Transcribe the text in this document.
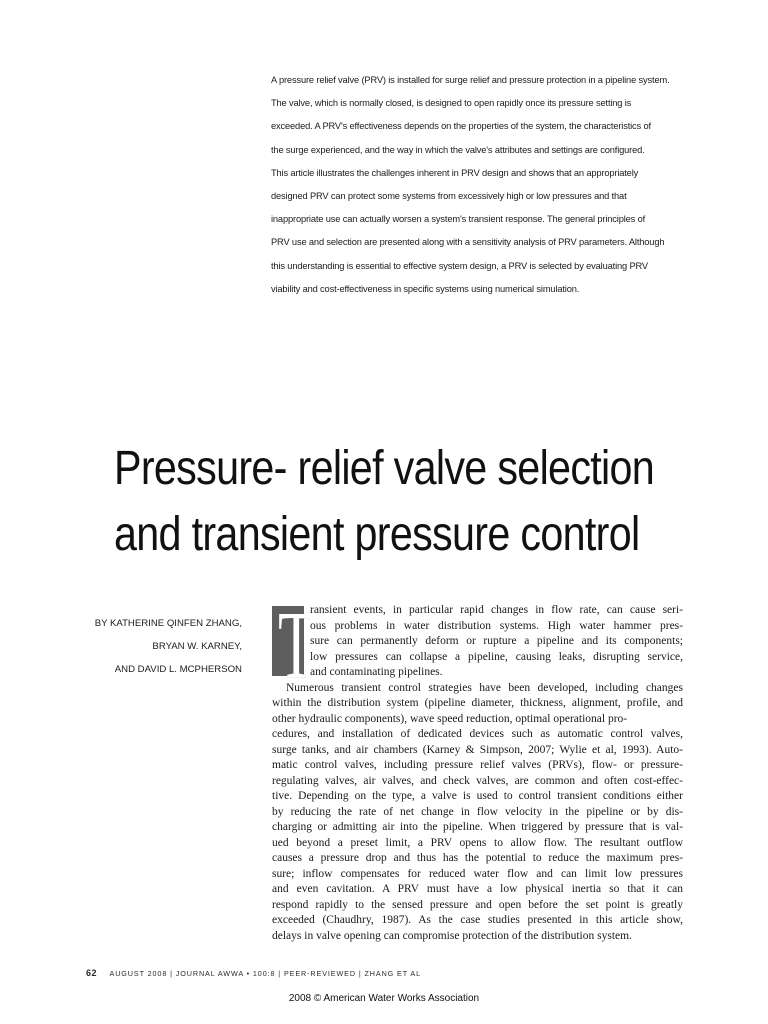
A pressure relief valve (PRV) is installed for surge relief and pressure protection in a pipeline system.
The valve, which is normally closed, is designed to open rapidly once its pressure setting is
exceeded. A PRV's effectiveness depends on the properties of the system, the characteristics of
the surge experienced, and the way in which the valve's attributes and settings are configured.
This article illustrates the challenges inherent in PRV design and shows that an appropriately
designed PRV can protect some systems from excessively high or low pressures and that
inappropriate use can actually worsen a system's transient response. The general principles of
PRV use and selection are presented along with a sensitivity analysis of PRV parameters. Although
this understanding is essential to effective system design, a PRV is selected by evaluating PRV
viability and cost-effectiveness in specific systems using numerical simulation.
Pressure- relief valve selection
and transient pressure control
BY KATHERINE QINFEN ZHANG,
BRYAN W. KARNEY,
AND DAVID L. MCPHERSON T
ransient events, in particular rapid changes in flow rate, can cause seri-
ous problems in water distribution systems. High water hammer pres-
sure can permanently deform or rupture a pipeline and its components;
low pressures can collapse a pipeline, causing leaks, disrupting service,
and contaminating pipelines.
Numerous transient control strategies have been developed, including changes
within the distribution system (pipeline diameter, thickness, alignment, profile, and
other hydraulic components), wave speed reduction, optimal operational pro-
cedures, and installation of dedicated devices such as automatic control valves,
surge tanks, and air chambers (Karney & Simpson, 2007; Wylie et al, 1993). Auto-
matic control valves, including pressure relief valves (PRVs), flow- or pressure-
regulating valves, air valves, and check valves, are common and often cost-effec-
tive. Depending on the type, a valve is used to control transient conditions either
by reducing the rate of net change in flow velocity in the pipeline or by dis-
charging or admitting air into the pipeline. When triggered by pressure that is val-
ued beyond a preset limit, a PRV opens to allow flow. The resultant outflow
causes a pressure drop and thus has the potential to reduce the maximum pres-
sure; inflow compensates for reduced water flow and can limit low pressures
and even cavitation. A PRV must have a low physical inertia so that it can
respond rapidly to the sensed pressure and open before the set point is greatly
exceeded (Chaudhry, 1987). As the case studies presented in this article show,
delays in valve opening can compromise protection of the distribution system.
62 AUGUST 2008 | JOURNAL AWWA • 100:8 | PEER-REVIEWED | ZHANG ET AL
2008 © American Water Works Association
